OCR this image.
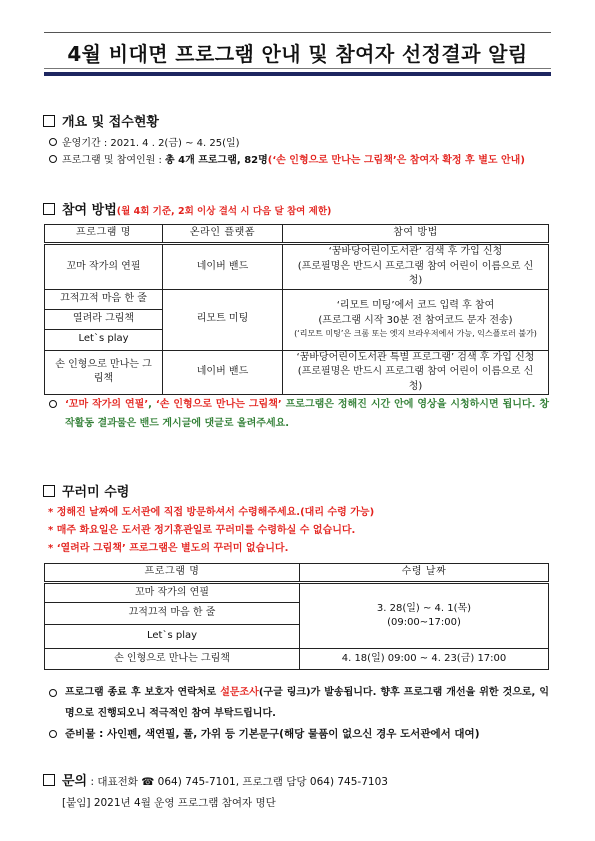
4월 비대면 프로그램 안내 및 참여자 선정결과 알림
개요 및 접수현황
운영기간 : 2021. 4 . 2(금) ~ 4. 25(일)
프로그램 및 참여인원 : 총 4개 프로그램, 82명(‘손 인형으로 만나는 그림책’은 참여자 확정 후 별도 안내)
참여 방법(월 4회 기준, 2회 이상 결석 시 다음 달 참여 제한)
프로그램 명	온라인 플랫폼	참여 방법
꼬마 작가의 연필	네이버 밴드	‘꿈바당어린이도서관’ 검색 후 가입 신청
(프로필명은 반드시 프로그램 참여 어린이 이름으로 신청)

끄적끄적 마음 한 줄	리모트 미팅	‘리모트 미팅’에서 코드 입력 후 참여
(프로그램 시작 30분 전 참여코드 문자 전송)
(‘리모트 미팅’은 크롬 또는 엣지 브라우저에서 가능, 익스플로러 불가)

열려라 그림책		
Let`s play		
손 인형으로 만나는 그림책	네이버 밴드	‘꿈바당어린이도서관 특별 프로그램’ 검색 후 가입 신청
(프로필명은 반드시 프로그램 참여 어린이 이름으로 신청)
‘꼬마 작가의 연필’, ‘손 인형으로 만나는 그림책’ 프로그램은 정해진 시간 안에 영상을 시청하시면 됩니다. 창작활동 결과물은 밴드 게시글에 댓글로 올려주세요.
꾸러미 수령
* 정해진 날짜에 도서관에 직접 방문하셔서 수령해주세요.(대리 수령 가능)
* 매주 화요일은 도서관 정기휴관일로 꾸러미를 수령하실 수 없습니다.
* ‘열려라 그림책’ 프로그램은 별도의 꾸러미 없습니다.
프로그램 명	수령 날짜
꼬마 작가의 연필	3. 28(일) ~ 4. 1(목)
(09:00~17:00)

끄적끄적 마음 한 줄	
Let`s play	
손 인형으로 만나는 그림책	4. 18(일) 09:00 ~ 4. 23(금) 17:00
프로그램 종료 후 보호자 연락처로 설문조사(구글 링크)가 발송됩니다. 향후 프로그램 개선을 위한 것으로, 익명으로 진행되오니 적극적인 참여 부탁드립니다.
준비물 : 사인펜, 색연필, 풀, 가위 등 기본문구(해당 물품이 없으신 경우 도서관에서 대여)
문의 : 대표전화 ☎ 064) 745-7101, 프로그램 담당 064) 745-7103
[붙임] 2021년 4월 운영 프로그램 참여자 명단
